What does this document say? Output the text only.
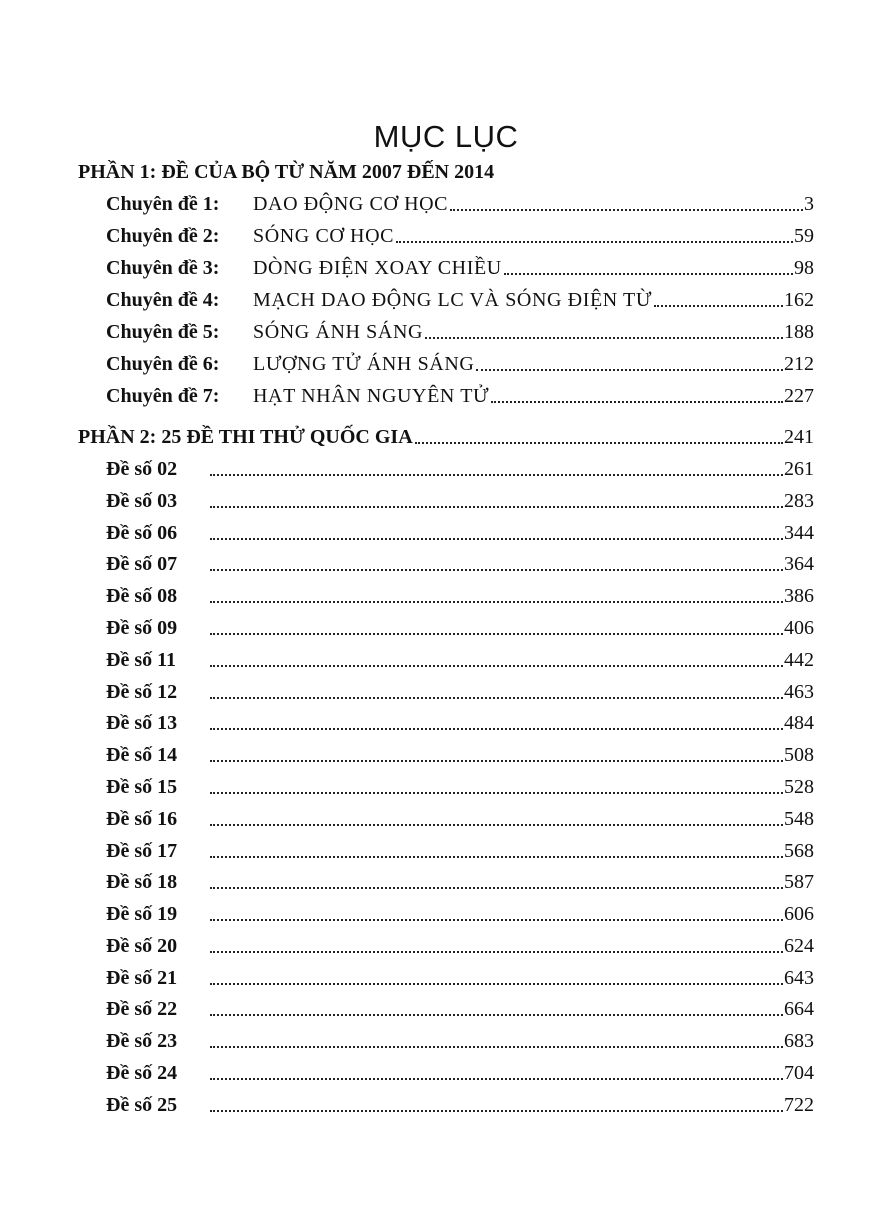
MỤC LỤC
PHẦN 1: ĐỀ CỦA BỘ TỪ NĂM 2007 ĐẾN 2014
Chuyên đề 1:	DAO ĐỘNG CƠ HỌC	3
Chuyên đề 2:	SÓNG CƠ HỌC	59
Chuyên đề 3:	DÒNG ĐIỆN XOAY CHIỀU	98
Chuyên đề 4:	MẠCH DAO ĐỘNG LC VÀ SÓNG ĐIỆN TỪ	162
Chuyên đề 5:	SÓNG ÁNH SÁNG	188
Chuyên đề 6:	LƯỢNG TỬ ÁNH SÁNG	212
Chuyên đề 7:	HẠT NHÂN NGUYÊN TỬ	227
PHẦN 2: 25 ĐỀ THI THỬ QUỐC GIA	241
Đề số 02	261
Đề số 03	283
Đề số 06	344
Đề số 07	364
Đề số 08	386
Đề số 09	406
Đề số 11	442
Đề số 12	463
Đề số 13	484
Đề số 14	508
Đề số 15	528
Đề số 16	548
Đề số 17	568
Đề số 18	587
Đề số 19	606
Đề số 20	624
Đề số 21	643
Đề số 22	664
Đề số 23	683
Đề số 24	704
Đề số 25	722
